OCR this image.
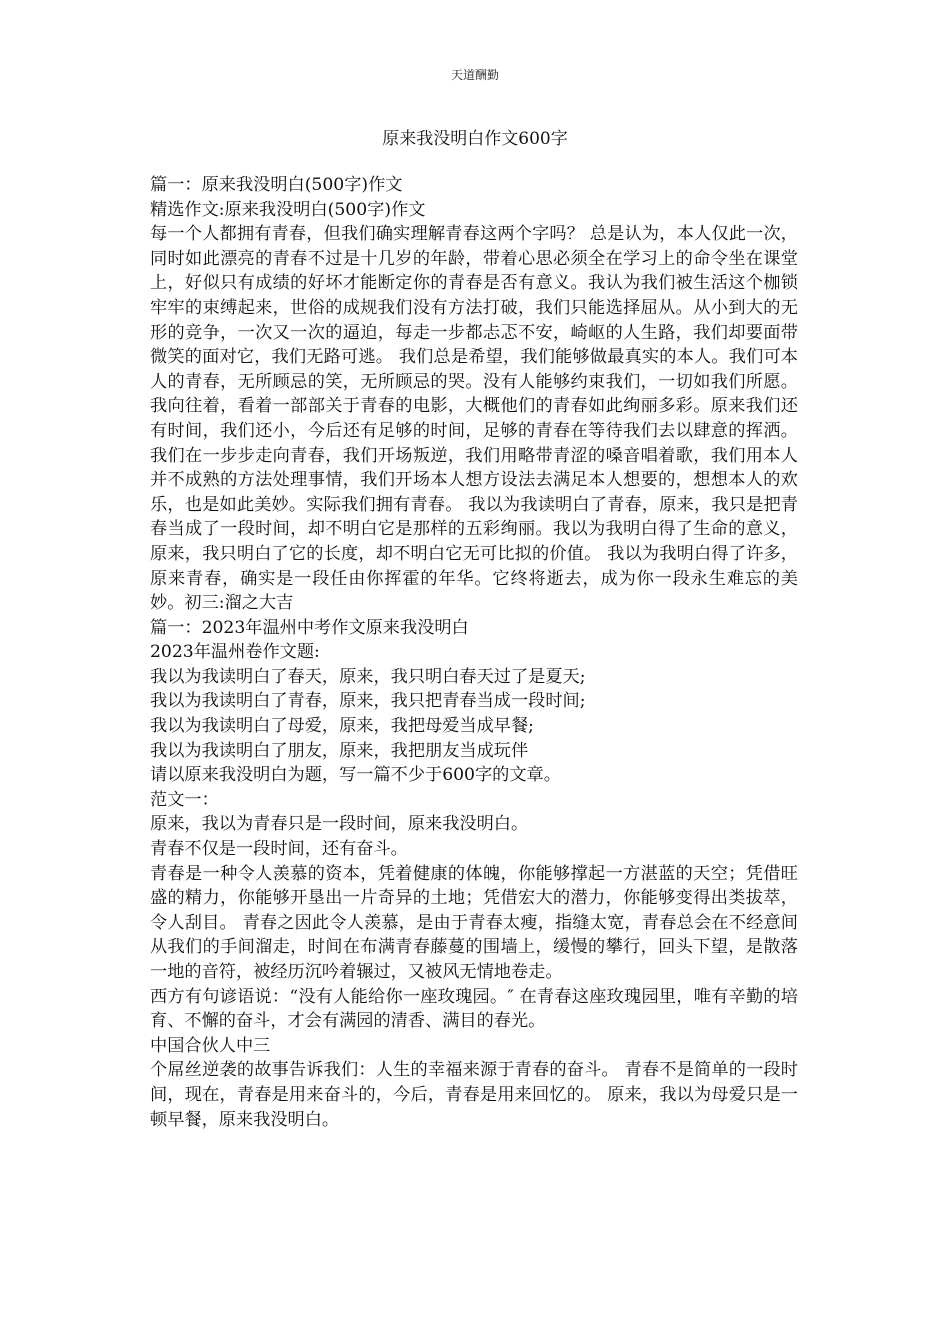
天道酬勤
原来我没明白作文600字

篇一：原来我没明白(500字)作文

精选作文:原来我没明白(500字)作文

每一个人都拥有青春，但我们确实理解青春这两个字吗？ 总是认为，本人仅此一次，同时如此漂亮的青春不过是十几岁的年龄，带着心思必须全在学习上的命令坐在课堂上，好似只有成绩的好坏才能断定你的青春是否有意义。我认为我们被生活这个枷锁牢牢的束缚起来，世俗的成规我们没有方法打破，我们只能选择屈从。从小到大的无形的竞争，一次又一次的逼迫，每走一步都忐忑不安，崎岖的人生路，我们却要面带微笑的面对它，我们无路可逃。 我们总是希望，我们能够做最真实的本人。我们可本人的青春，无所顾忌的笑，无所顾忌的哭。没有人能够约束我们，一切如我们所愿。 我向往着，看着一部部关于青春的电影，大概他们的青春如此绚丽多彩。原来我们还有时间，我们还小，今后还有足够的时间，足够的青春在等待我们去以肆意的挥洒。我们在一步步走向青春，我们开场叛逆，我们用略带青涩的嗓音唱着歌，我们用本人并不成熟的方法处理事情，我们开场本人想方设法去满足本人想要的，想想本人的欢乐，也是如此美妙。实际我们拥有青春。 我以为我读明白了青春，原来，我只是把青春当成了一段时间，却不明白它是那样的五彩绚丽。我以为我明白得了生命的意义，原来，我只明白了它的长度，却不明白它无可比拟的价值。 我以为我明白得了许多，原来青春，确实是一段任由你挥霍的年华。它终将逝去，成为你一段永生难忘的美妙。初三:溜之大吉

篇一：2023年温州中考作文原来我没明白

2023年温州卷作文题:

我以为我读明白了春天，原来，我只明白春天过了是夏天;

我以为我读明白了青春，原来，我只把青春当成一段时间;

我以为我读明白了母爱，原来，我把母爱当成早餐;

我以为我读明白了朋友，原来，我把朋友当成玩伴

请以原来我没明白为题，写一篇不少于600字的文章。

范文一：

原来，我以为青春只是一段时间，原来我没明白。

青春不仅是一段时间，还有奋斗。

青春是一种令人羡慕的资本，凭着健康的体魄，你能够撑起一方湛蓝的天空；凭借旺盛的精力，你能够开垦出一片奇异的土地；凭借宏大的潜力，你能够变得出类拔萃，令人刮目。 青春之因此令人羡慕，是由于青春太瘦，指缝太宽，青春总会在不经意间从我们的手间溜走，时间在布满青春藤蔓的围墙上，缓慢的攀行，回头下望，是散落一地的音符，被经历沉吟着辗过，又被风无情地卷走。

西方有句谚语说：“没有人能给你一座玫瑰园。″ 在青春这座玫瑰园里，唯有辛勤的培育、不懈的奋斗，才会有满园的清香、满目的春光。

中国合伙人中三

个屌丝逆袭的故事告诉我们：人生的幸福来源于青春的奋斗。 青春不是简单的一段时间，现在，青春是用来奋斗的，今后，青春是用来回忆的。 原来，我以为母爱只是一顿早餐，原来我没明白。
